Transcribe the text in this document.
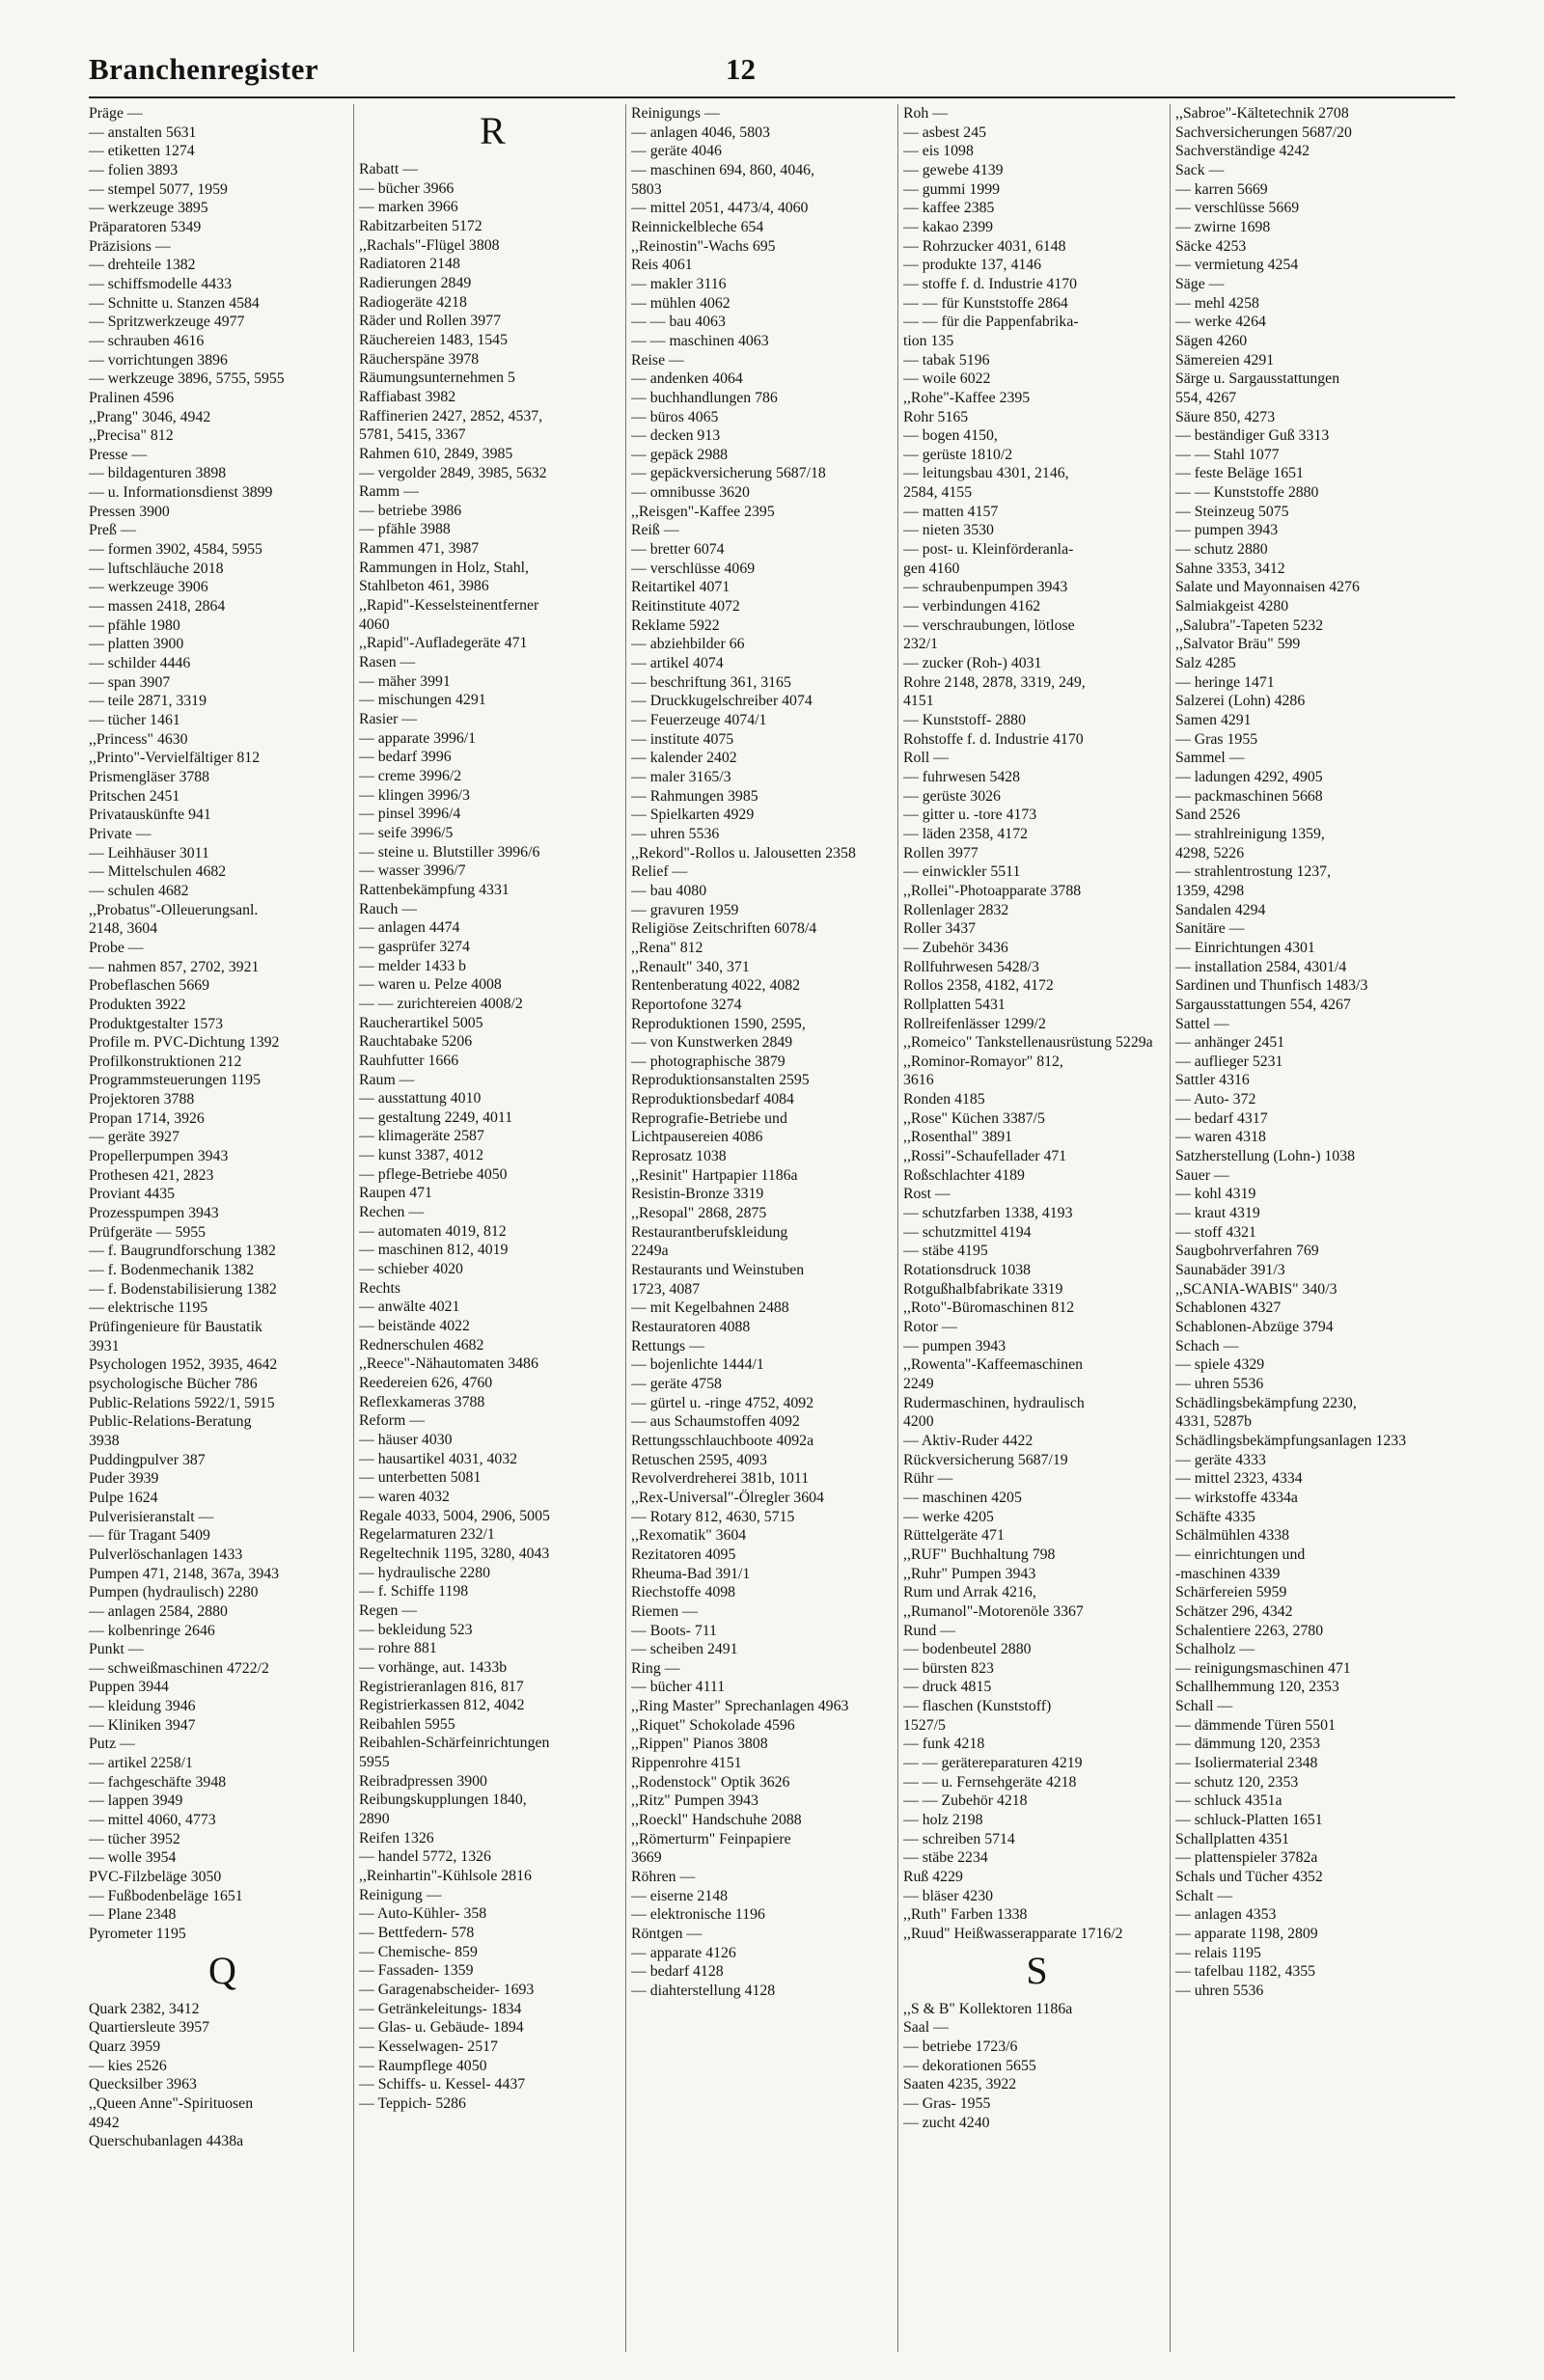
Branchenregister	12
Präge —
— anstalten 5631
— etiketten 1274
— folien 3893
— stempel 5077, 1959
— werkzeuge 3895
Präparatoren 5349
Präzisions —
— drehteile 1382
— schiffsmodelle 4433
— Schnitte u. Stanzen 4584
— Spritzwerkzeuge 4977
— schrauben 4616
— vorrichtungen 3896
— werkzeuge 3896, 5755, 5955
Pralinen 4596
,,Prang" 3046, 4942
,,Precisa" 812
Presse —
— bildagenturen 3898
— u. Informationsdienst 3899
Pressen 3900
Preß —
— formen 3902, 4584, 5955
— luftschläuche 2018
— werkzeuge 3906
— massen 2418, 2864
— pfähle 1980
— platten 3900
— schilder 4446
— span 3907
— teile 2871, 3319
— tücher 1461
,,Princess" 4630
,,Printo"-Vervielfältiger 812
Prismengläser 3788
Pritschen 2451
Privatauskünfte 941
Private —
— Leihhäuser 3011
— Mittelschulen 4682
— schulen 4682
,,Probatus"-Olleuerungsanl.
2148, 3604
Probe —
— nahmen 857, 2702, 3921
Probeflaschen 5669
Produkten 3922
Produktgestalter 1573
Profile m. PVC-Dichtung 1392
Profilkonstruktionen 212
Programmsteuerungen 1195
Projektoren 3788
Propan 1714, 3926
— geräte 3927
Propellerpumpen 3943
Prothesen 421, 2823
Proviant 4435
Prozesspumpen 3943
Prüfgeräte — 5955
— f. Baugrundforschung 1382
— f. Bodenmechanik 1382
— f. Bodenstabilisierung 1382
— elektrische 1195
Prüfingenieure für Baustatik
3931
Psychologen 1952, 3935, 4642
psychologische Bücher 786
Public-Relations 5922/1, 5915
Public-Relations-Beratung
3938
Puddingpulver 387
Puder 3939
Pulpe 1624
Pulverisieranstalt —
— für Tragant 5409
Pulverlöschanlagen 1433
Pumpen 471, 2148, 367a, 3943
Pumpen (hydraulisch) 2280
— anlagen 2584, 2880
— kolbenringe 2646
Punkt —
— schweißmaschinen 4722/2
Puppen 3944
— kleidung 3946
— Kliniken 3947
Putz —
— artikel 2258/1
— fachgeschäfte 3948
— lappen 3949
— mittel 4060, 4773
— tücher 3952
— wolle 3954
PVC-Filzbeläge 3050
— Fußbodenbeläge 1651
— Plane 2348
Pyrometer 1195
Q
Quark 2382, 3412
Quartiersleute 3957
Quarz 3959
— kies 2526
Quecksilber 3963
,,Queen Anne"-Spirituosen
4942
Querschubanlagen 4438a
R
Rabatt —
— bücher 3966
— marken 3966
Rabitzarbeiten 5172
,,Rachals"-Flügel 3808
Radiatoren 2148
Radierungen 2849
Radiogeräte 4218
Räder und Rollen 3977
Räuchereien 1483, 1545
Räucherspäne 3978
Räumungsunternehmen 5
Raffiabast 3982
Raffinerien 2427, 2852, 4537,
5781, 5415, 3367
Rahmen 610, 2849, 3985
— vergolder 2849, 3985, 5632
Ramm —
— betriebe 3986
— pfähle 3988
Rammen 471, 3987
Rammungen in Holz, Stahl,
Stahlbeton 461, 3986
,,Rapid"-Kesselsteinentferner
4060
,,Rapid"-Aufladegeräte 471
Rasen —
— mäher 3991
— mischungen 4291
Rasier —
— apparate 3996/1
— bedarf 3996
— creme 3996/2
— klingen 3996/3
— pinsel 3996/4
— seife 3996/5
— steine u. Blutstiller 3996/6
— wasser 3996/7
Rattenbekämpfung 4331
Rauch —
— anlagen 4474
— gasprüfer 3274
— melder 1433 b
— waren u. Pelze 4008
— — zurichtereien 4008/2
Raucherartikel 5005
Rauchtabake 5206
Rauhfutter 1666
Raum —
— ausstattung 4010
— gestaltung 2249, 4011
— klimageräte 2587
— kunst 3387, 4012
— pflege-Betriebe 4050
Raupen 471
Rechen —
— automaten 4019, 812
— maschinen 812, 4019
— schieber 4020
Rechts
— anwälte 4021
— beistände 4022
Rednerschulen 4682
,,Reece"-Nähautomaten 3486
Reedereien 626, 4760
Reflexkameras 3788
Reform —
— häuser 4030
— hausartikel 4031, 4032
— unterbetten 5081
— waren 4032
Regale 4033, 5004, 2906, 5005
Regelarmaturen 232/1
Regeltechnik 1195, 3280, 4043
— hydraulische 2280
— f. Schiffe 1198
Regen —
— bekleidung 523
— rohre 881
— vorhänge, aut. 1433b
Registrieranlagen 816, 817
Registrierkassen 812, 4042
Reibahlen 5955
Reibahlen-Schärfeinrichtungen
5955
Reibradpressen 3900
Reibungskupplungen 1840,
2890
Reifen 1326
— handel 5772, 1326
,,Reinhartin"-Kühlsole 2816
Reinigung —
— Auto-Kühler- 358
— Bettfedern- 578
— Chemische- 859
— Fassaden- 1359
— Garagenabscheider- 1693
— Getränkeleitungs- 1834
— Glas- u. Gebäude- 1894
— Kesselwagen- 2517
— Raumpflege 4050
— Schiffs- u. Kessel- 4437
— Teppich- 5286
Reinigungs —
— anlagen 4046, 5803
— geräte 4046
— maschinen 694, 860, 4046,
5803
— mittel 2051, 4473/4, 4060
Reinnickelbleche 654
,,Reinostin"-Wachs 695
Reis 4061
— makler 3116
— mühlen 4062
— — bau 4063
— — maschinen 4063
Reise —
— andenken 4064
— buchhandlungen 786
— büros 4065
— decken 913
— gepäck 2988
— gepäckversicherung 5687/18
— omnibusse 3620
,,Reisgen"-Kaffee 2395
Reiß —
— bretter 6074
— verschlüsse 4069
Reitartikel 4071
Reitinstitute 4072
Reklame 5922
— abziehbilder 66
— artikel 4074
— beschriftung 361, 3165
— Druckkugelschreiber 4074
— Feuerzeuge 4074/1
— institute 4075
— kalender 2402
— maler 3165/3
— Rahmungen 3985
— Spielkarten 4929
— uhren 5536
,,Rekord"-Rollos u. Jalousetten 2358
Relief —
— bau 4080
— gravuren 1959
Religiöse Zeitschriften 6078/4
,,Rena" 812
,,Renault" 340, 371
Rentenberatung 4022, 4082
Reportofone 3274
Reproduktionen 1590, 2595,
— von Kunstwerken 2849
— photographische 3879
Reproduktionsanstalten 2595
Reproduktionsbedarf 4084
Reprografie-Betriebe und
Lichtpausereien 4086
Reprosatz 1038
,,Resinit" Hartpapier 1186a
Resistin-Bronze 3319
,,Resopal" 2868, 2875
Restaurantberufskleidung
2249a
Restaurants und Weinstuben
1723, 4087
— mit Kegelbahnen 2488
Restauratoren 4088
Rettungs —
— bojenlichte 1444/1
— geräte 4758
— gürtel u. -ringe 4752, 4092
— aus Schaumstoffen 4092
Rettungsschlauchboote 4092a
Retuschen 2595, 4093
Revolverdreherei 381b, 1011
,,Rex-Universal"-Ölregler 3604
— Rotary 812, 4630, 5715
,,Rexomatik" 3604
Rezitatoren 4095
Rheuma-Bad 391/1
Riechstoffe 4098
Riemen —
— Boots- 711
— scheiben 2491
Ring —
— bücher 4111
,,Ring Master" Sprechanlagen 4963
,,Riquet" Schokolade 4596
,,Rippen" Pianos 3808
Rippenrohre 4151
,,Rodenstock" Optik 3626
,,Ritz" Pumpen 3943
,,Roeckl" Handschuhe 2088
,,Römerturm" Feinpapiere
3669
Röhren —
— eiserne 2148
— elektronische 1196
Röntgen —
— apparate 4126
— bedarf 4128
— diahterstellung 4128
Roh —
— asbest 245
— eis 1098
— gewebe 4139
— gummi 1999
— kaffee 2385
— kakao 2399
— Rohrzucker 4031, 6148
— produkte 137, 4146
— stoffe f. d. Industrie 4170
— — für Kunststoffe 2864
— — für die Pappenfabrika-
tion 135
— tabak 5196
— woile 6022
,,Rohe"-Kaffee 2395
Rohr 5165
— bogen 4150,
— gerüste 1810/2
— leitungsbau 4301, 2146,
2584, 4155
— matten 4157
— nieten 3530
— post- u. Kleinförderanla-
gen 4160
— schraubenpumpen 3943
— verbindungen 4162
— verschraubungen, lötlose
232/1
— zucker (Roh-) 4031
Rohre 2148, 2878, 3319, 249,
4151
— Kunststoff- 2880
Rohstoffe f. d. Industrie 4170
Roll —
— fuhrwesen 5428
— gerüste 3026
— gitter u. -tore 4173
— läden 2358, 4172
Rollen 3977
— einwickler 5511
,,Rollei"-Photoapparate 3788
Rollenlager 2832
Roller 3437
— Zubehör 3436
Rollfuhrwesen 5428/3
Rollos 2358, 4182, 4172
Rollplatten 5431
Rollreifenlässer 1299/2
,,Romeico" Tankstellenausrüstung 5229a
,,Rominor-Romayor" 812,
3616
Ronden 4185
,,Rose" Küchen 3387/5
,,Rosenthal" 3891
,,Rossi"-Schaufellader 471
Roßschlachter 4189
Rost —
— schutzfarben 1338, 4193
— schutzmittel 4194
— stäbe 4195
Rotationsdruck 1038
Rotgußhalbfabrikate 3319
,,Roto"-Büromaschinen 812
Rotor —
— pumpen 3943
,,Rowenta"-Kaffeemaschinen
2249
Rudermaschinen, hydraulisch
4200
— Aktiv-Ruder 4422
Rückversicherung 5687/19
Rühr —
— maschinen 4205
— werke 4205
Rüttelgeräte 471
,,RUF" Buchhaltung 798
,,Ruhr" Pumpen 3943
Rum und Arrak 4216,
,,Rumanol"-Motorenöle 3367
Rund —
— bodenbeutel 2880
— bürsten 823
— druck 4815
— flaschen (Kunststoff)
1527/5
— funk 4218
— — gerätereparaturen 4219
— — u. Fernsehgeräte 4218
— — Zubehör 4218
— holz 2198
— schreiben 5714
— stäbe 2234
Ruß 4229
— bläser 4230
,,Ruth" Farben 1338
,,Ruud" Heißwasserapparate 1716/2
S
,,S & B" Kollektoren 1186a
Saal —
— betriebe 1723/6
— dekorationen 5655
Saaten 4235, 3922
— Gras- 1955
— zucht 4240
,,Sabroe"-Kältetechnik 2708
Sachversicherungen 5687/20
Sachverständige 4242
Sack —
— karren 5669
— verschlüsse 5669
— zwirne 1698
Säcke 4253
— vermietung 4254
Säge —
— mehl 4258
— werke 4264
Sägen 4260
Sämereien 4291
Särge u. Sargausstattungen
554, 4267
Säure 850, 4273
— beständiger Guß 3313
— — Stahl 1077
— feste Beläge 1651
— — Kunststoffe 2880
— Steinzeug 5075
— pumpen 3943
— schutz 2880
Sahne 3353, 3412
Salate und Mayonnaisen 4276
Salmiakgeist 4280
,,Salubra"-Tapeten 5232
,,Salvator Bräu" 599
Salz 4285
— heringe 1471
Salzerei (Lohn) 4286
Samen 4291
— Gras 1955
Sammel —
— ladungen 4292, 4905
— packmaschinen 5668
Sand 2526
— strahlreinigung 1359,
4298, 5226
— strahlentrostung 1237,
1359, 4298
Sandalen 4294
Sanitäre —
— Einrichtungen 4301
— installation 2584, 4301/4
Sardinen und Thunfisch 1483/3
Sargausstattungen 554, 4267
Sattel —
— anhänger 2451
— auflieger 5231
Sattler 4316
— Auto- 372
— bedarf 4317
— waren 4318
Satzherstellung (Lohn-) 1038
Sauer —
— kohl 4319
— kraut 4319
— stoff 4321
Saugbohrverfahren 769
Saunabäder 391/3
,,SCANIA-WABIS" 340/3
Schablonen 4327
Schablonen-Abzüge 3794
Schach —
— spiele 4329
— uhren 5536
Schädlingsbekämpfung 2230,
4331, 5287b
Schädlingsbekämpfungsanlagen 1233
— geräte 4333
— mittel 2323, 4334
— wirkstoffe 4334a
Schäfte 4335
Schälmühlen 4338
— einrichtungen und
-maschinen 4339
Schärfereien 5959
Schätzer 296, 4342
Schalentiere 2263, 2780
Schalholz —
— reinigungsmaschinen 471
Schallhemmung 120, 2353
Schall —
— dämmende Türen 5501
— dämmung 120, 2353
— Isoliermaterial 2348
— schutz 120, 2353
— schluck 4351a
— schluck-Platten 1651
Schallplatten 4351
— plattenspieler 3782a
Schals und Tücher 4352
Schalt —
— anlagen 4353
— apparate 1198, 2809
— relais 1195
— tafelbau 1182, 4355
— uhren 5536
